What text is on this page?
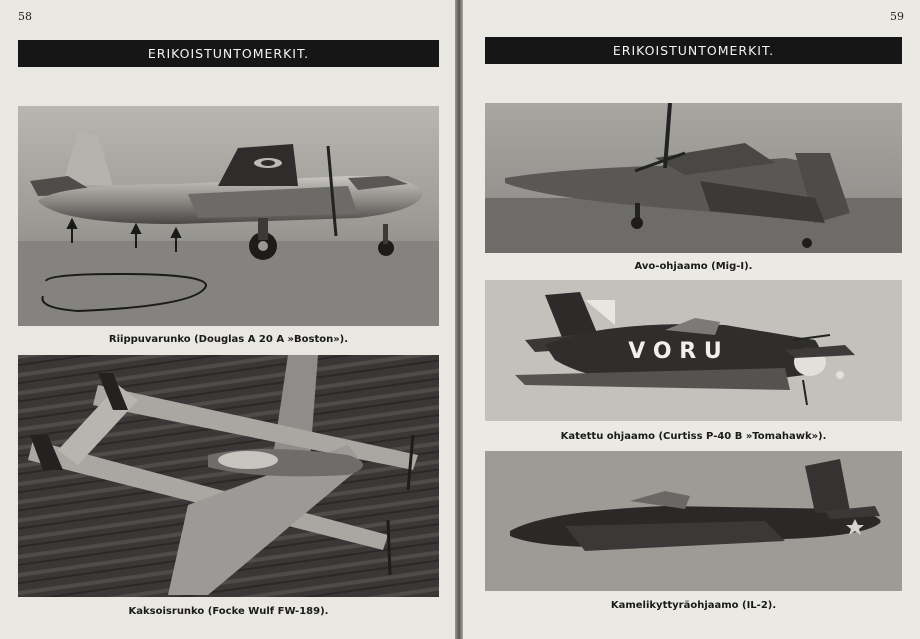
58
ERIKOISTUNTOMERKIT.
Riippuvarunko (Douglas A 20 A »Boston»).
Kaksoisrunko (Focke Wulf FW-189).
59
ERIKOISTUNTOMERKIT.
Avo-ohjaamo (Mig-I).
V O R U
Katettu ohjaamo (Curtiss P-40 B »Tomahawk»).
Kamelikyttyräohjaamo (IL-2).
